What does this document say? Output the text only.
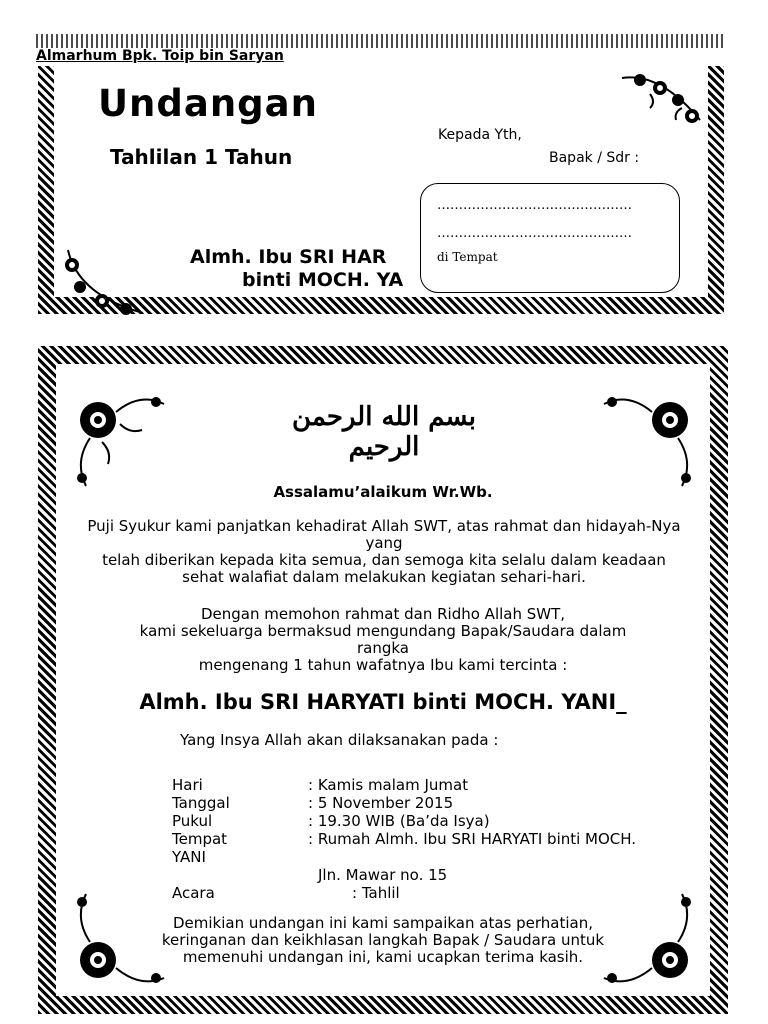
Almarhum Bpk. Toip bin Saryan
Undangan
Tahlilan 1 Tahun
Almh. Ibu SRI HAR
binti MOCH. YA
Kepada Yth,
Bapak / Sdr :
………………………………………
………………………………………
di Tempat
بسم الله الرحمن الرحيم
Assalamu’alaikum Wr.Wb.
Puji Syukur kami panjatkan kehadirat Allah SWT, atas rahmat dan hidayah-Nya
yang
telah diberikan kepada kita semua, dan semoga kita selalu dalam keadaan
sehat walafiat dalam melakukan kegiatan sehari-hari.
Dengan memohon rahmat dan Ridho Allah SWT,
kami sekeluarga bermaksud mengundang Bapak/Saudara dalam
rangka
mengenang 1 tahun wafatnya Ibu kami tercinta :
Almh. Ibu SRI HARYATI binti MOCH. YANI_
Yang Insya Allah akan dilaksanakan pada :
Hari	: Kamis malam Jumat
Tanggal	: 5 November 2015
Pukul	: 19.30 WIB (Ba’da Isya)
Tempat	: Rumah Almh. Ibu SRI HARYATI binti MOCH.
YANI
Jln. Mawar no. 15
Acara	: Tahlil
Demikian undangan ini kami sampaikan atas perhatian,
keringanan dan keikhlasan langkah Bapak / Saudara untuk
memenuhi undangan ini, kami ucapkan terima kasih.
